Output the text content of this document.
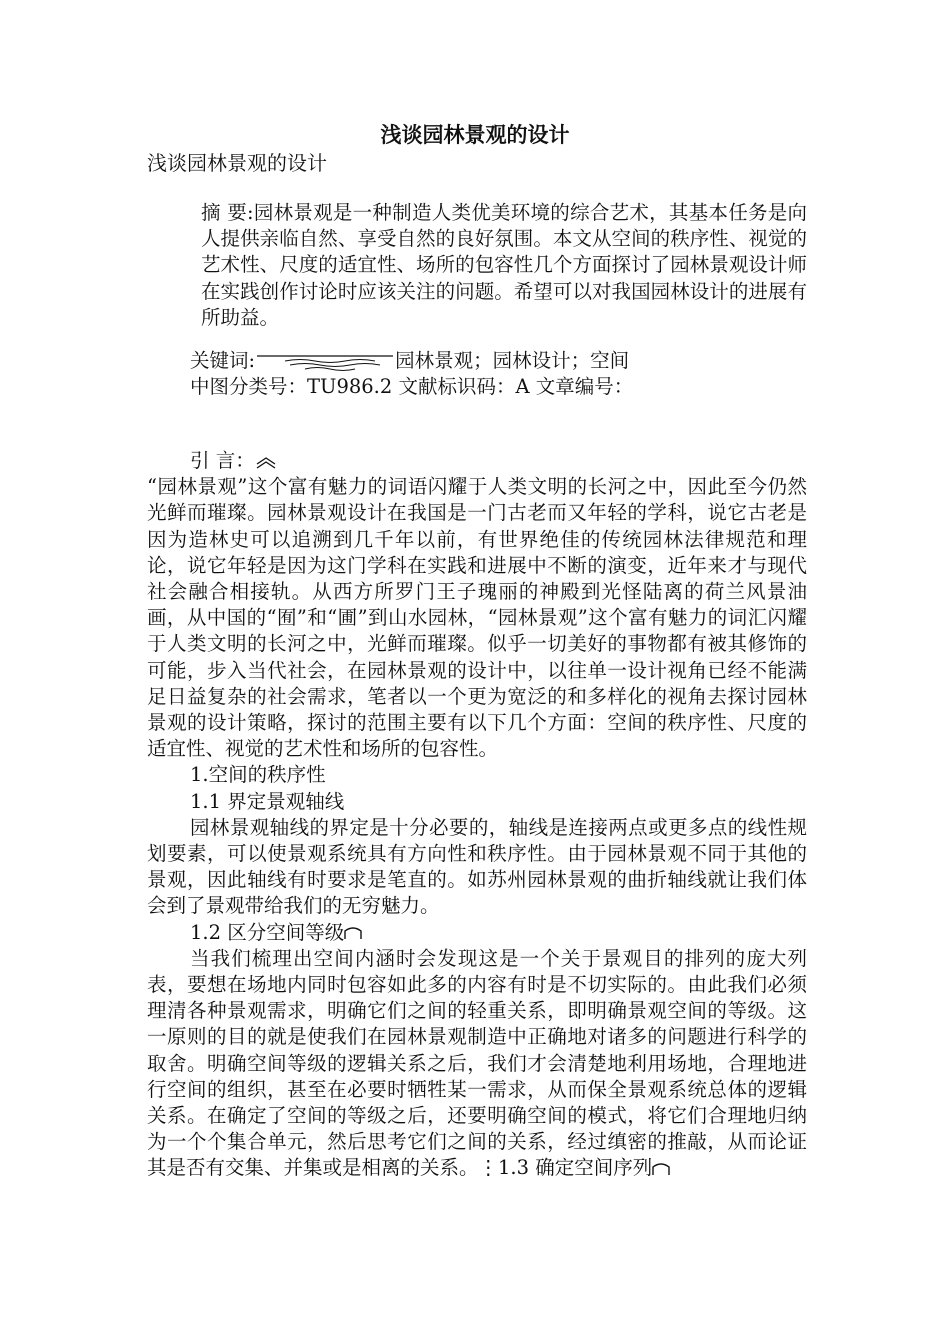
浅谈园林景观的设计
浅谈园林景观的设计

摘 要:园林景观是一种制造人类优美环境的综合艺术，其基本任务是向人提供亲临自然、享受自然的良好氛围。本文从空间的秩序性、视觉的艺术性、尺度的适宜性、场所的包容性几个方面探讨了园林景观设计师在实践创作讨论时应该关注的问题。希望可以对我国园林设计的进展有所助益。

关键词:	园林景观；园林设计；空间

中图分类号：TU986.2 文献标识码：A 文章编号：

引 言：

“园林景观”这个富有魅力的词语闪耀于人类文明的长河之中，因此至今仍然光鲜而璀璨。园林景观设计在我国是一门古老而又年轻的学科，说它古老是因为造林史可以追溯到几千年以前，有世界绝佳的传统园林法律规范和理论，说它年轻是因为这门学科在实践和进展中不断的演变，近年来才与现代社会融合相接轨。从西方所罗门王子瑰丽的神殿到光怪陆离的荷兰风景油画，从中国的“囿”和“圃”到山水园林，“园林景观”这个富有魅力的词汇闪耀于人类文明的长河之中，光鲜而璀璨。似乎一切美好的事物都有被其修饰的可能，步入当代社会，在园林景观的设计中，以往单一设计视角已经不能满足日益复杂的社会需求，笔者以一个更为宽泛的和多样化的视角去探讨园林景观的设计策略，探讨的范围主要有以下几个方面：空间的秩序性、尺度的适宜性、视觉的艺术性和场所的包容性。

1.空间的秩序性

1.1 界定景观轴线

园林景观轴线的界定是十分必要的，轴线是连接两点或更多点的线性规划要素，可以使景观系统具有方向性和秩序性。由于园林景观不同于其他的景观，因此轴线有时要求是笔直的。如苏州园林景观的曲折轴线就让我们体会到了景观带给我们的无穷魅力。

1.2 区分空间等级

当我们梳理出空间内涵时会发现这是一个关于景观目的排列的庞大列表，要想在场地内同时包容如此多的内容有时是不切实际的。由此我们必须理清各种景观需求，明确它们之间的轻重关系，即明确景观空间的等级。这一原则的目的就是使我们在园林景观制造中正确地对诸多的问题进行科学的取舍。明确空间等级的逻辑关系之后，我们才会清楚地利用场地，合理地进行空间的组织，甚至在必要时牺牲某一需求，从而保全景观系统总体的逻辑关系。在确定了空间的等级之后，还要明确空间的模式，将它们合理地归纳为一个个集合单元，然后思考它们之间的关系，经过缜密的推敲，从而论证其是否有交集、并集或是相离的关系。⋮1.3 确定空间序列
